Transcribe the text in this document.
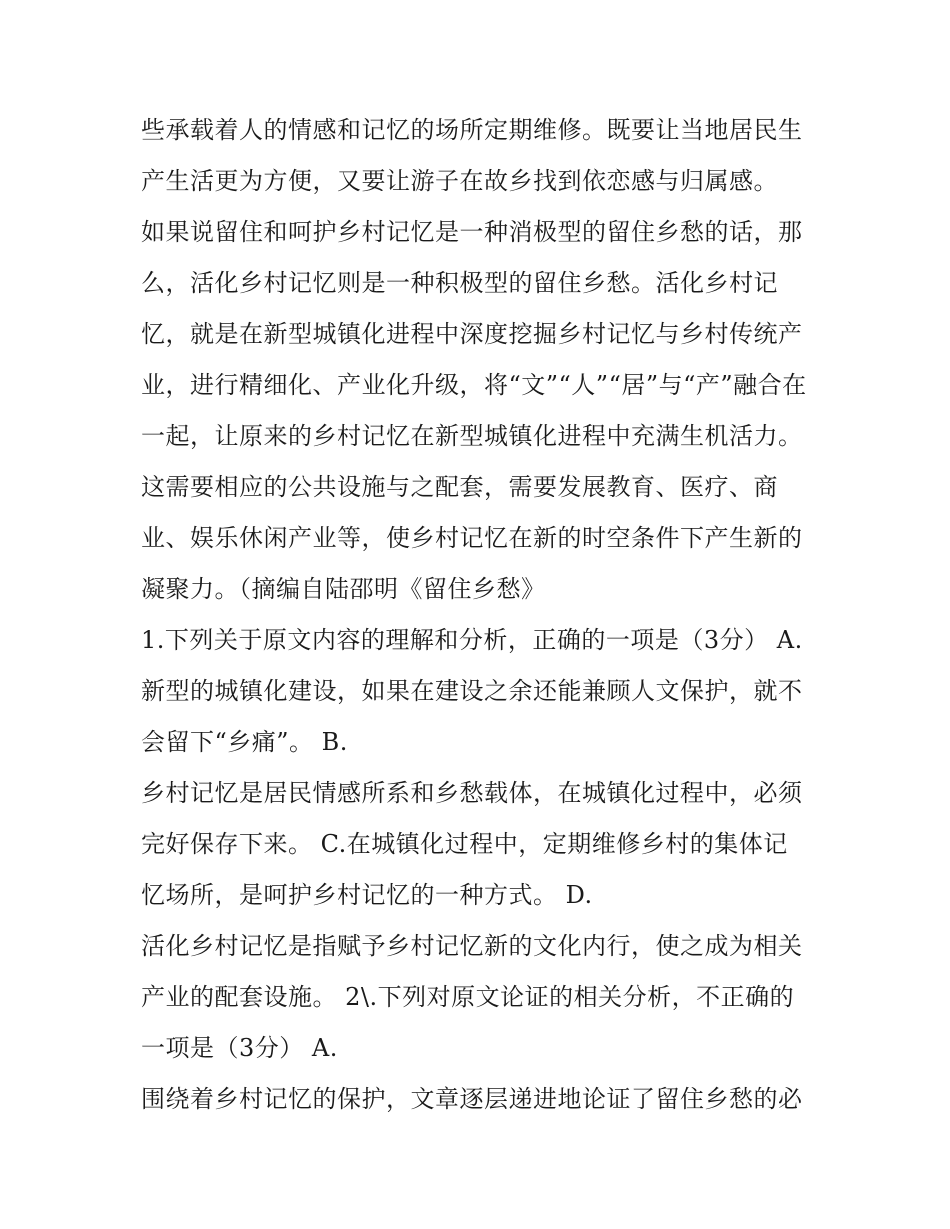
些承载着人的情感和记忆的场所定期维修。既要让当地居民生
产生活更为方便，又要让游子在故乡找到依恋感与归属感。
如果说留住和呵护乡村记忆是一种消极型的留住乡愁的话，那
么，活化乡村记忆则是一种积极型的留住乡愁。活化乡村记
忆，就是在新型城镇化进程中深度挖掘乡村记忆与乡村传统产
业，进行精细化、产业化升级，将“文”“人”“居”与“产”融合在
一起，让原来的乡村记忆在新型城镇化进程中充满生机活力。
这需要相应的公共设施与之配套，需要发展教育、医疗、商
业、娱乐休闲产业等，使乡村记忆在新的时空条件下产生新的
凝聚力。（摘编自陆邵明《留住乡愁》
1.下列关于原文内容的理解和分析，正确的一项是（3分） A.
新型的城镇化建设，如果在建设之余还能兼顾人文保护，就不
会留下“乡痛”。 B.
乡村记忆是居民情感所系和乡愁载体，在城镇化过程中，必须
完好保存下来。 C.在城镇化过程中，定期维修乡村的集体记
忆场所，是呵护乡村记忆的一种方式。 D.
活化乡村记忆是指赋予乡村记忆新的文化内行，使之成为相关
产业的配套设施。 2\.下列对原文论证的相关分析，不正确的
一项是（3分） A.
围绕着乡村记忆的保护，文章逐层递进地论证了留住乡愁的必
